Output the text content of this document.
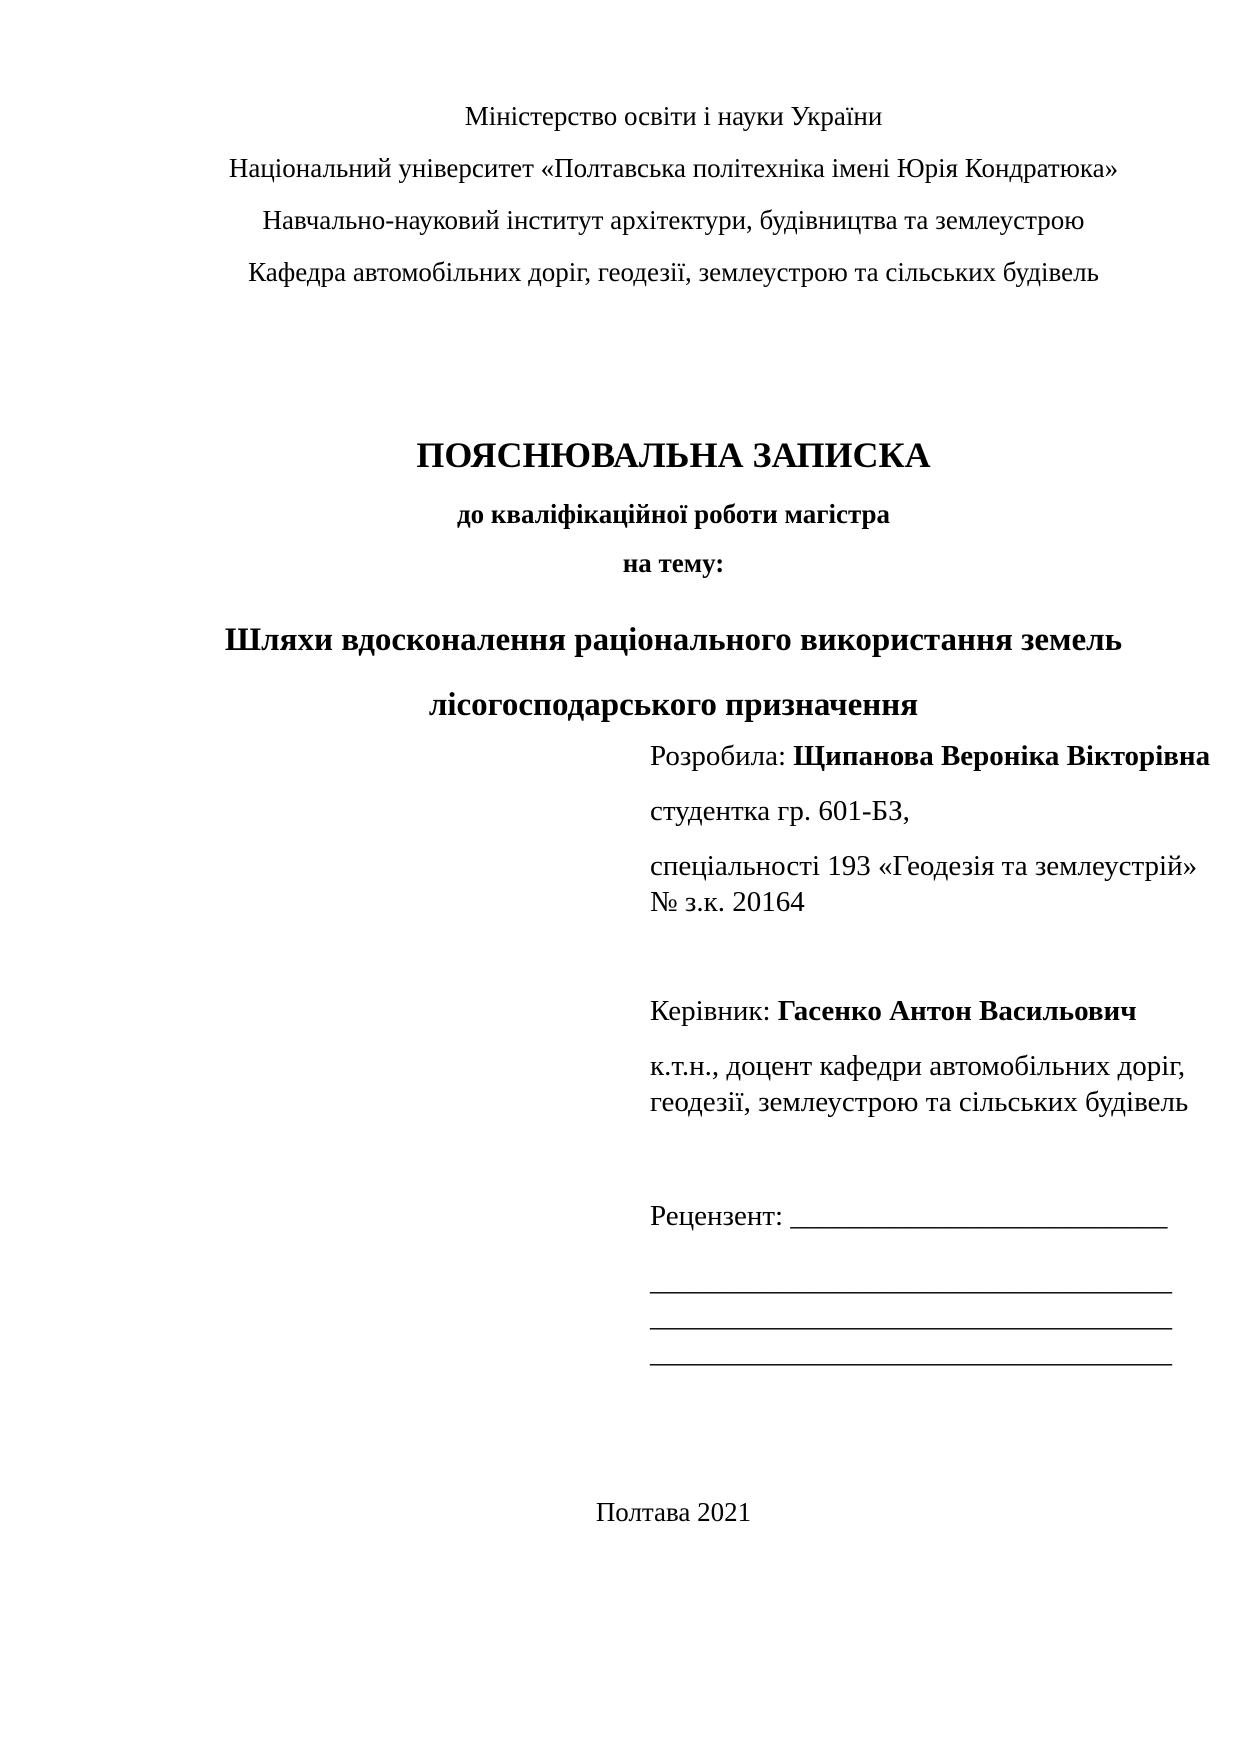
Міністерство освіти і науки України

Національний університет «Полтавська політехніка імені Юрія Кондратюка»

Навчально-науковий інститут архітектури, будівництва та землеустрою

Кафедра автомобільних доріг, геодезії, землеустрою та сільських будівель

ПОЯСНЮВАЛЬНА ЗАПИСКА

до кваліфікаційної роботи магістра

на тему:

Шляхи вдосконалення раціонального використання земель

лісогосподарського призначення

Розробила: Щипанова Вероніка Вікторівна

студентка гр. 601-БЗ,

спеціальності 193 «Геодезія та землеустрій»

№ з.к. 20164

Керівник: Гасенко Антон Васильович

к.т.н., доцент кафедри автомобільних доріг,

геодезії, землеустрою та сільських будівель

Рецензент: __________________________

____________________________________

____________________________________

____________________________________

Полтава 2021
